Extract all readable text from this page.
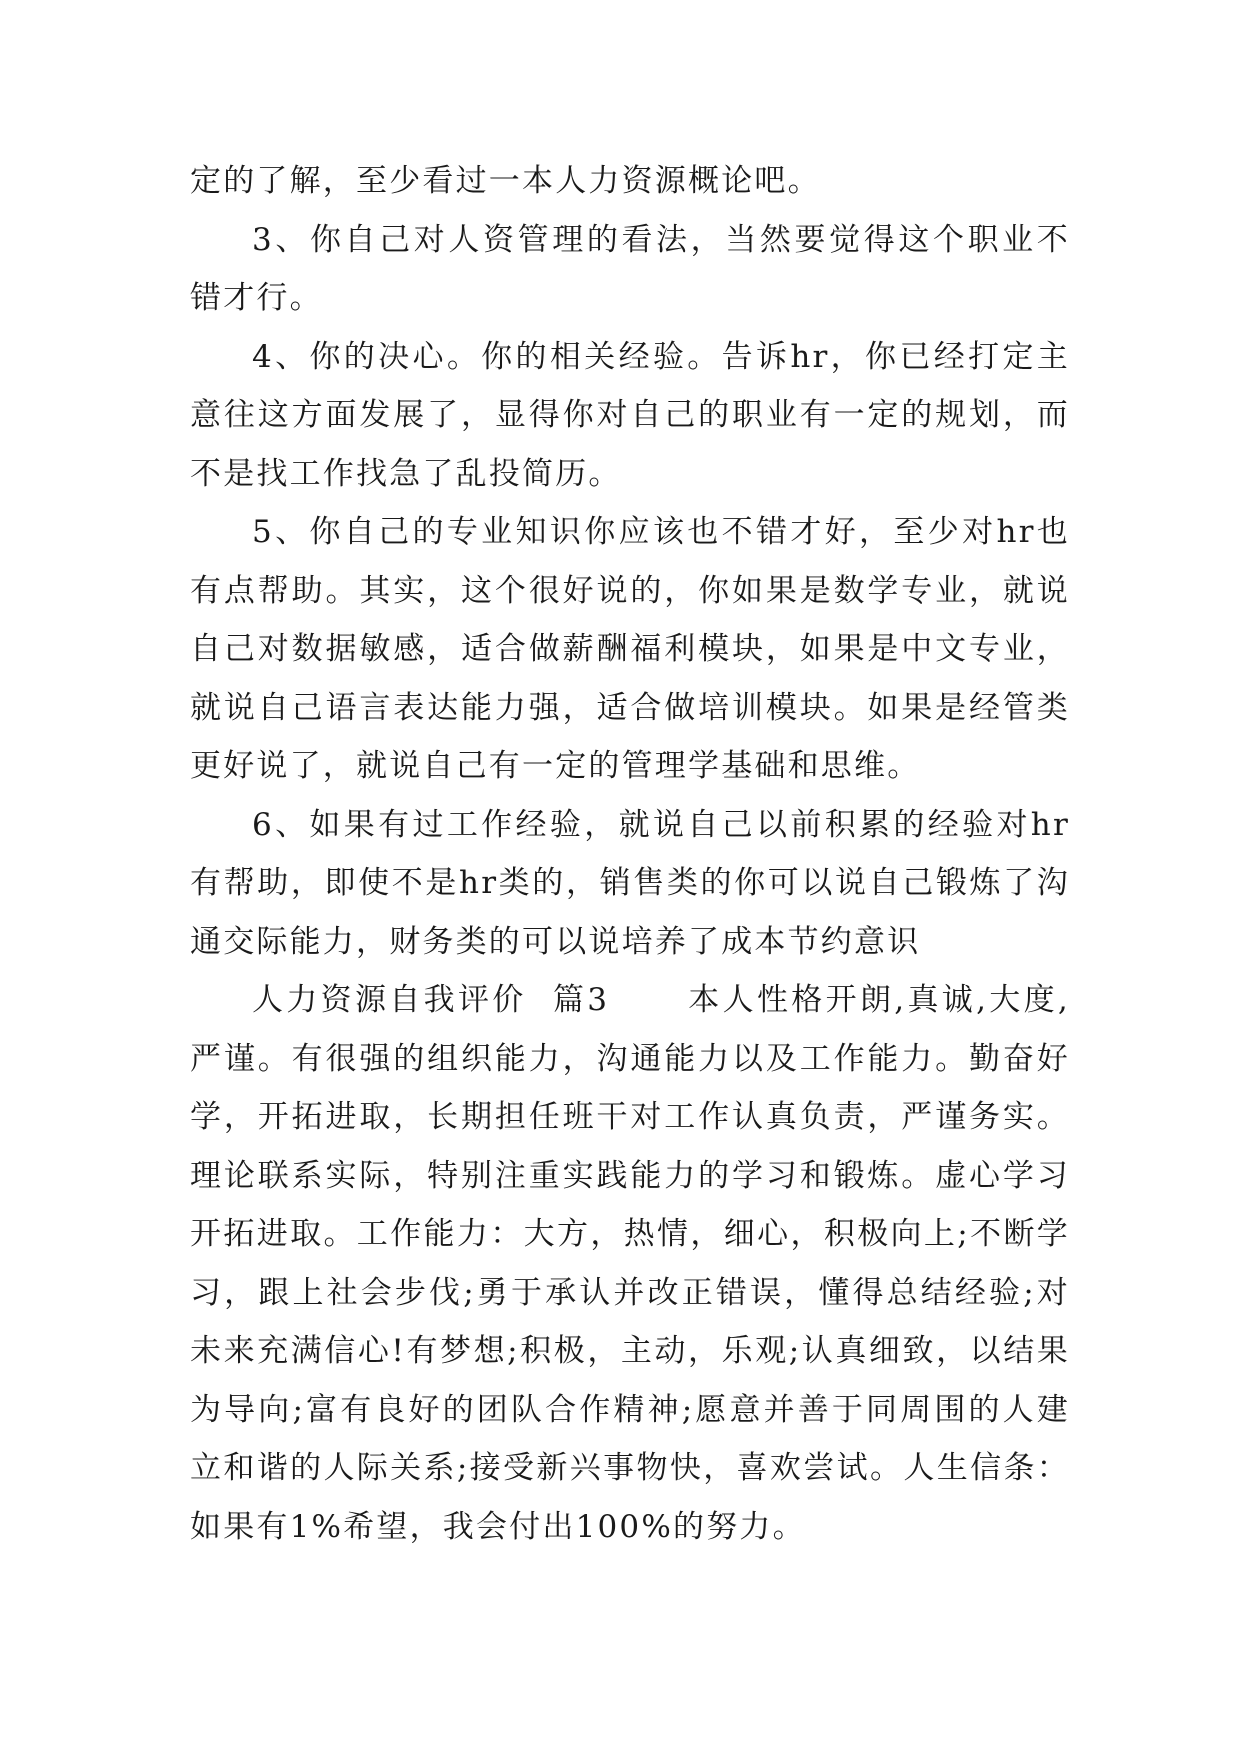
定的了解，至少看过一本人力资源概论吧。

3、你自己对人资管理的看法，当然要觉得这个职业不错才行。

4、你的决心。你的相关经验。告诉hr，你已经打定主意往这方面发展了，显得你对自己的职业有一定的规划，而不是找工作找急了乱投简历。

5、你自己的专业知识你应该也不错才好，至少对hr也有点帮助。其实，这个很好说的，你如果是数学专业，就说自己对数据敏感，适合做薪酬福利模块，如果是中文专业，就说自己语言表达能力强，适合做培训模块。如果是经管类更好说了，就说自己有一定的管理学基础和思维。

6、如果有过工作经验，就说自己以前积累的经验对hr有帮助，即使不是hr类的，销售类的你可以说自己锻炼了沟通交际能力，财务类的可以说培养了成本节约意识

人力资源自我评价  篇3      本人性格开朗,真诚,大度,严谨。有很强的组织能力，沟通能力以及工作能力。勤奋好学，开拓进取，长期担任班干对工作认真负责，严谨务实。理论联系实际，特别注重实践能力的学习和锻炼。虚心学习开拓进取。工作能力：大方，热情，细心，积极向上;不断学习，跟上社会步伐;勇于承认并改正错误，懂得总结经验;对未来充满信心!有梦想;积极，主动，乐观;认真细致，以结果为导向;富有良好的团队合作精神;愿意并善于同周围的人建立和谐的人际关系;接受新兴事物快，喜欢尝试。人生信条：如果有1%希望，我会付出100%的努力。
